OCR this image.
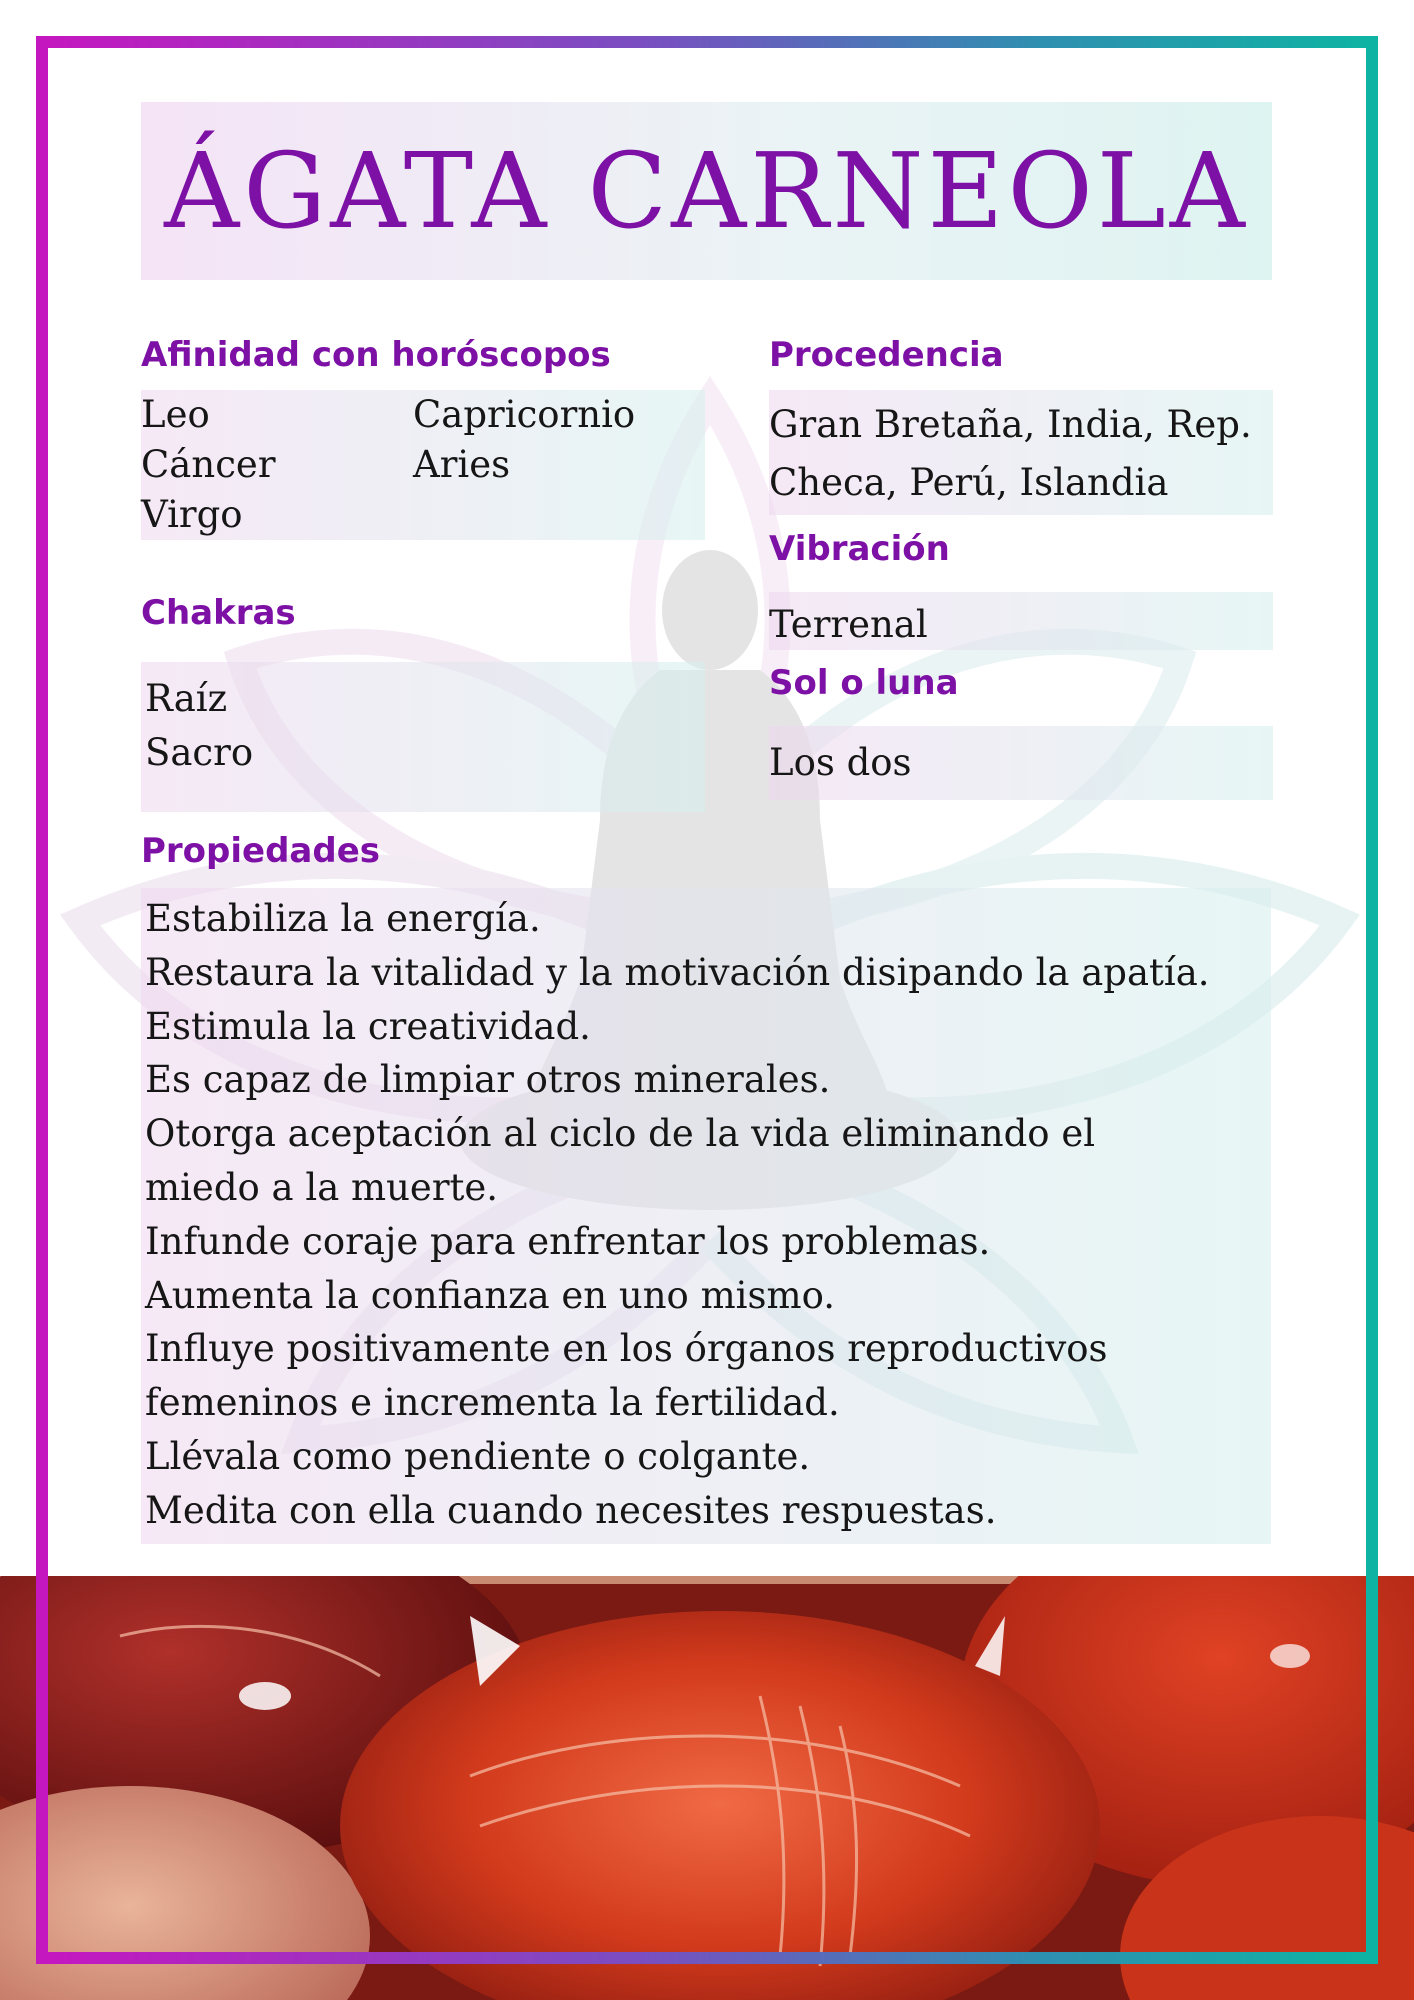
ÁGATA CARNEOLA
Afinidad con horóscopos
Leo
Cáncer
Virgo
Capricornio
Aries
Procedencia
Gran Bretaña, India, Rep.
Checa, Perú, Islandia
Vibración
Terrenal
Chakras
Raíz
Sacro
Sol o luna
Los dos
Propiedades
Estabiliza la energía.
Restaura la vitalidad y la motivación disipando la apatía.
Estimula la creatividad.
Es capaz de limpiar otros minerales.
Otorga aceptación al ciclo de la vida eliminando el
miedo a la muerte.
Infunde coraje para enfrentar los problemas.
Aumenta la confianza en uno mismo.
Influye positivamente en los órganos reproductivos
femeninos e incrementa la fertilidad.
Llévala como pendiente o colgante.
Medita con ella cuando necesites respuestas.
